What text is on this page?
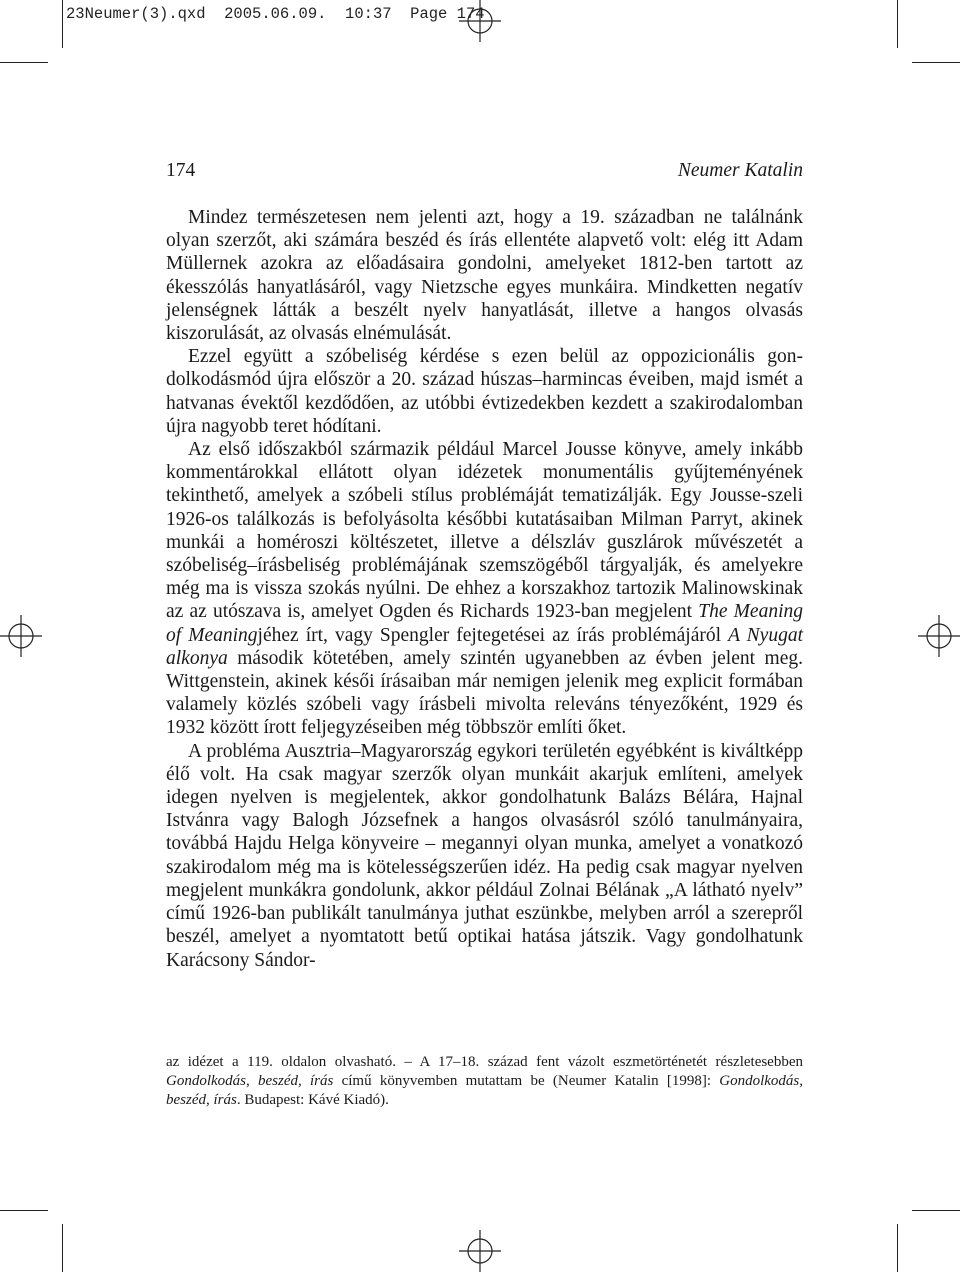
23Neumer(3).qxd  2005.06.09.  10:37  Page 174
174	Neumer Katalin

Mindez természetesen nem jelenti azt, hogy a 19. században ne találnánk olyan szerzőt, aki számára beszéd és írás ellentéte alapvető volt: elég itt Adam Müllernek azokra az előadásaira gondolni, amelyeket 1812-ben tartott az ékesszólás hanyatlásáról, vagy Nietzsche egyes munkáira. Mindketten negatív jelenségnek látták a beszélt nyelv hanyatlását, illetve a hangos olvasás kiszorulását, az olvasás elnémulását.

Ezzel együtt a szóbeliség kérdése s ezen belül az oppozicionális gondolkodásmód újra először a 20. század húszas–harmincas éveiben, majd ismét a hatvanas évektől kezdődően, az utóbbi évtizedekben kezdett a szakirodalomban újra nagyobb teret hódítani.

Az első időszakból származik például Marcel Jousse könyve, amely inkább kommentárokkal ellátott olyan idézetek monumentális gyűjteményének tekinthető, amelyek a szóbeli stílus problémáját tematizálják. Egy Jousse-szeli 1926-os találkozás is befolyásolta későbbi kutatásaiban Milman Parryt, akinek munkái a homéroszi költészetet, illetve a délszláv guszlárok művészetét a szóbeliség–írásbeliség problémájának szemszögéből tárgyalják, és amelyekre még ma is vissza szokás nyúlni. De ehhez a korszakhoz tartozik Malinowskinak az az utószava is, amelyet Ogden és Richards 1923-ban megjelent The Meaning of Meaningjéhez írt, vagy Spengler fejtegetései az írás problémájáról A Nyugat alkonya második kötetében, amely szintén ugyanebben az évben jelent meg. Wittgenstein, akinek késői írásaiban már nemigen jelenik meg explicit formában valamely közlés szóbeli vagy írásbeli mivolta releváns tényezőként, 1929 és 1932 között írott feljegyzéseiben még többször említi őket.

A probléma Ausztria–Magyarország egykori területén egyébként is kiváltképp élő volt. Ha csak magyar szerzők olyan munkáit akarjuk említeni, amelyek idegen nyelven is megjelentek, akkor gondolhatunk Balázs Bélára, Hajnal Istvánra vagy Balogh Józsefnek a hangos olvasásról szóló tanulmányaira, továbbá Hajdu Helga könyveire – megannyi olyan munka, amelyet a vonatkozó szakirodalom még ma is kötelességszerűen idéz. Ha pedig csak magyar nyelven megjelent munkákra gondolunk, akkor például Zolnai Bélának „A látható nyelv” című 1926-ban publikált tanulmánya juthat eszünkbe, melyben arról a szerepről beszél, amelyet a nyomtatott betű optikai hatása játszik. Vagy gondolhatunk Karácsony Sándor-

az idézet a 119. oldalon olvasható. – A 17–18. század fent vázolt eszmetörténetét részletesebben Gondolkodás, beszéd, írás című könyvemben mutattam be (Neumer Katalin [1998]: Gondolkodás, beszéd, írás. Budapest: Kávé Kiadó).
